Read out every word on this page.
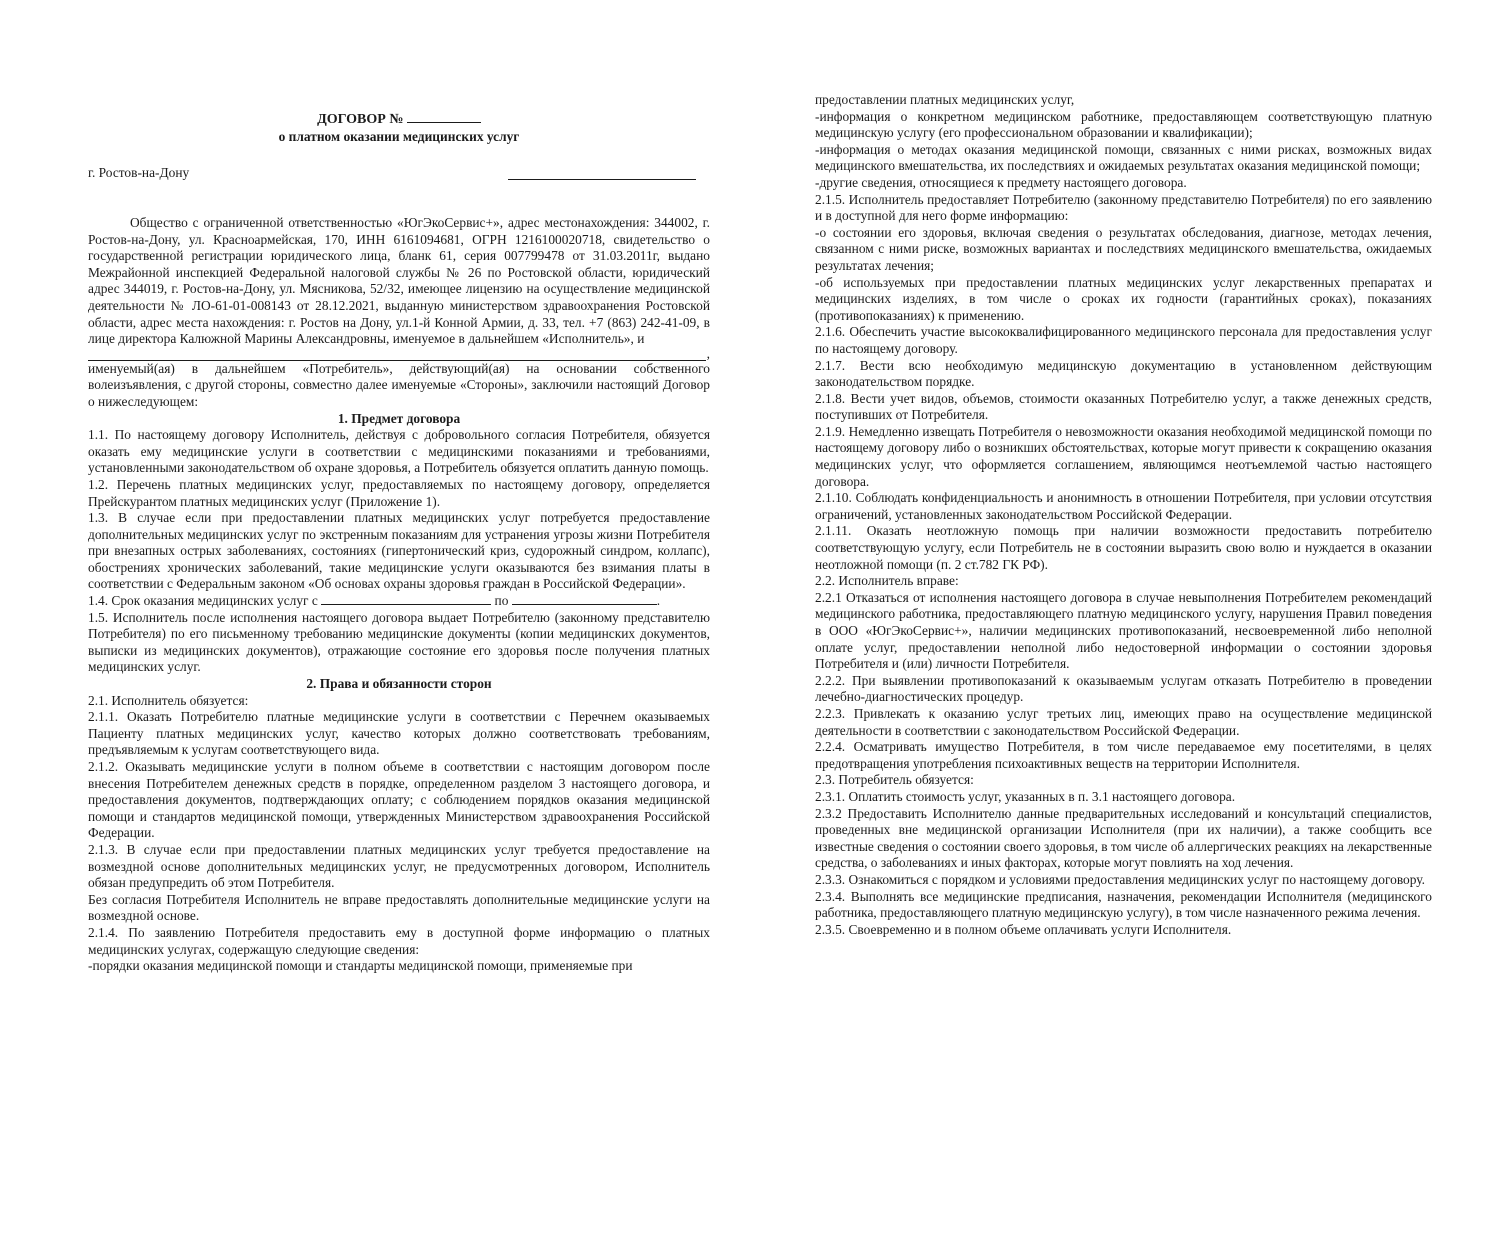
ДОГОВОР №
о платном оказании медицинских услуг
г. Ростов-на-Дону

Общество с ограниченной ответственностью «ЮгЭкоСервис+», адрес местонахождения: 344002, г. Ростов-на-Дону, ул. Красноармейская, 170, ИНН 6161094681, ОГРН 1216100020718, свидетельство о государственной регистрации юридического лица, бланк 61, серия 007799478 от 31.03.2011г, выдано Межрайонной инспекцией Федеральной налоговой службы № 26 по Ростовской области, юридический адрес 344019, г. Ростов-на-Дону, ул. Мясникова, 52/32, имеющее лицензию на осуществление медицинской деятельности № ЛО-61-01-008143 от 28.12.2021, выданную министерством здравоохранения Ростовской области, адрес места нахождения: г. Ростов на Дону, ул.1-й Конной Армии, д. 33, тел. +7 (863) 242-41-09, в лице директора Калюжной Марины Александровны, именуемое в дальнейшем «Исполнитель», и

,

именуемый(ая) в дальнейшем «Потребитель», действующий(ая) на основании собственного волеизъявления, с другой стороны, совместно далее именуемые «Стороны», заключили настоящий Договор о нижеследующем:

1. Предмет договора

1.1. По настоящему договору Исполнитель, действуя с добровольного согласия Потребителя, обязуется оказать ему медицинские услуги в соответствии с медицинскими показаниями и требованиями, установленными законодательством об охране здоровья, а Потребитель обязуется оплатить данную помощь.

1.2. Перечень платных медицинских услуг, предоставляемых по настоящему договору, определяется Прейскурантом платных медицинских услуг (Приложение 1).

1.3. В случае если при предоставлении платных медицинских услуг потребуется предоставление дополнительных медицинских услуг по экстренным показаниям для устранения угрозы жизни Потребителя при внезапных острых заболеваниях, состояниях (гипертонический криз, судорожный синдром, коллапс), обострениях хронических заболеваний, такие медицинские услуги оказываются без взимания платы в соответствии с Федеральным законом «Об основах охраны здоровья граждан в Российской Федерации».

1.4. Срок оказания медицинских услуг с	по	.

1.5. Исполнитель после исполнения настоящего договора выдает Потребителю (законному представителю Потребителя) по его письменному требованию медицинские документы (копии медицинских документов, выписки из медицинских документов), отражающие состояние его здоровья после получения платных медицинских услуг.

2. Права и обязанности сторон

2.1. Исполнитель обязуется:

2.1.1. Оказать Потребителю платные медицинские услуги в соответствии с Перечнем оказываемых Пациенту платных медицинских услуг, качество которых должно соответствовать требованиям, предъявляемым к услугам соответствующего вида.

2.1.2. Оказывать медицинские услуги в полном объеме в соответствии с настоящим договором после внесения Потребителем денежных средств в порядке, определенном разделом 3 настоящего договора, и предоставления документов, подтверждающих оплату; с соблюдением порядков оказания медицинской помощи и стандартов медицинской помощи, утвержденных Министерством здравоохранения Российской Федерации.

2.1.3. В случае если при предоставлении платных медицинских услуг требуется предоставление на возмездной основе дополнительных медицинских услуг, не предусмотренных договором, Исполнитель обязан предупредить об этом Потребителя.

Без согласия Потребителя Исполнитель не вправе предоставлять дополнительные медицинские услуги на возмездной основе.

2.1.4. По заявлению Потребителя предоставить ему в доступной форме информацию о платных медицинских услугах, содержащую следующие сведения:

-порядки оказания медицинской помощи и стандарты медицинской помощи, применяемые при

предоставлении платных медицинских услуг,

-информация о конкретном медицинском работнике, предоставляющем соответствующую платную медицинскую услугу (его профессиональном образовании и квалификации);

-информация о методах оказания медицинской помощи, связанных с ними рисках, возможных видах медицинского вмешательства, их последствиях и ожидаемых результатах оказания медицинской помощи;

-другие сведения, относящиеся к предмету настоящего договора.

2.1.5. Исполнитель предоставляет Потребителю (законному представителю Потребителя) по его заявлению и в доступной для него форме информацию:

-о состоянии его здоровья, включая сведения о результатах обследования, диагнозе, методах лечения, связанном с ними риске, возможных вариантах и последствиях медицинского вмешательства, ожидаемых результатах лечения;

-об используемых при предоставлении платных медицинских услуг лекарственных препаратах и медицинских изделиях, в том числе о сроках их годности (гарантийных сроках), показаниях (противопоказаниях) к применению.

2.1.6. Обеспечить участие высококвалифицированного медицинского персонала для предоставления услуг по настоящему договору.

2.1.7. Вести всю необходимую медицинскую документацию в установленном действующим законодательством порядке.

2.1.8. Вести учет видов, объемов, стоимости оказанных Потребителю услуг, а также денежных средств, поступивших от Потребителя.

2.1.9. Немедленно извещать Потребителя о невозможности оказания необходимой медицинской помощи по настоящему договору либо о возникших обстоятельствах, которые могут привести к сокращению оказания медицинских услуг, что оформляется соглашением, являющимся неотъемлемой частью настоящего договора.

2.1.10. Соблюдать конфиденциальность и анонимность в отношении Потребителя, при условии отсутствия ограничений, установленных законодательством Российской Федерации.

2.1.11. Оказать неотложную помощь при наличии возможности предоставить потребителю соответствующую услугу, если Потребитель не в состоянии выразить свою волю и нуждается в оказании неотложной помощи (п. 2 ст.782 ГК РФ).

2.2. Исполнитель вправе:

2.2.1 Отказаться от исполнения настоящего договора в случае невыполнения Потребителем рекомендаций медицинского работника, предоставляющего платную медицинского услугу, нарушения Правил поведения в ООО «ЮгЭкоСервис+», наличии медицинских противопоказаний, несвоевременной либо неполной оплате услуг, предоставлении неполной либо недостоверной информации о состоянии здоровья Потребителя и (или) личности Потребителя.

2.2.2. При выявлении противопоказаний к оказываемым услугам отказать Потребителю в проведении лечебно-диагностических процедур.

2.2.3. Привлекать к оказанию услуг третьих лиц, имеющих право на осуществление медицинской деятельности в соответствии с законодательством Российской Федерации.

2.2.4. Осматривать имущество Потребителя, в том числе передаваемое ему посетителями, в целях предотвращения употребления психоактивных веществ на территории Исполнителя.

2.3. Потребитель обязуется:

2.3.1. Оплатить стоимость услуг, указанных в п. 3.1 настоящего договора.

2.3.2 Предоставить Исполнителю данные предварительных исследований и консультаций специалистов, проведенных вне медицинской организации Исполнителя (при их наличии), а также сообщить все известные сведения о состоянии своего здоровья, в том числе об аллергических реакциях на лекарственные средства, о заболеваниях и иных факторах, которые могут повлиять на ход лечения.

2.3.3. Ознакомиться с порядком и условиями предоставления медицинских услуг по настоящему договору.

2.3.4. Выполнять все медицинские предписания, назначения, рекомендации Исполнителя (медицинского работника, предоставляющего платную медицинскую услугу), в том числе назначенного режима лечения.

2.3.5. Своевременно и в полном объеме оплачивать услуги Исполнителя.
